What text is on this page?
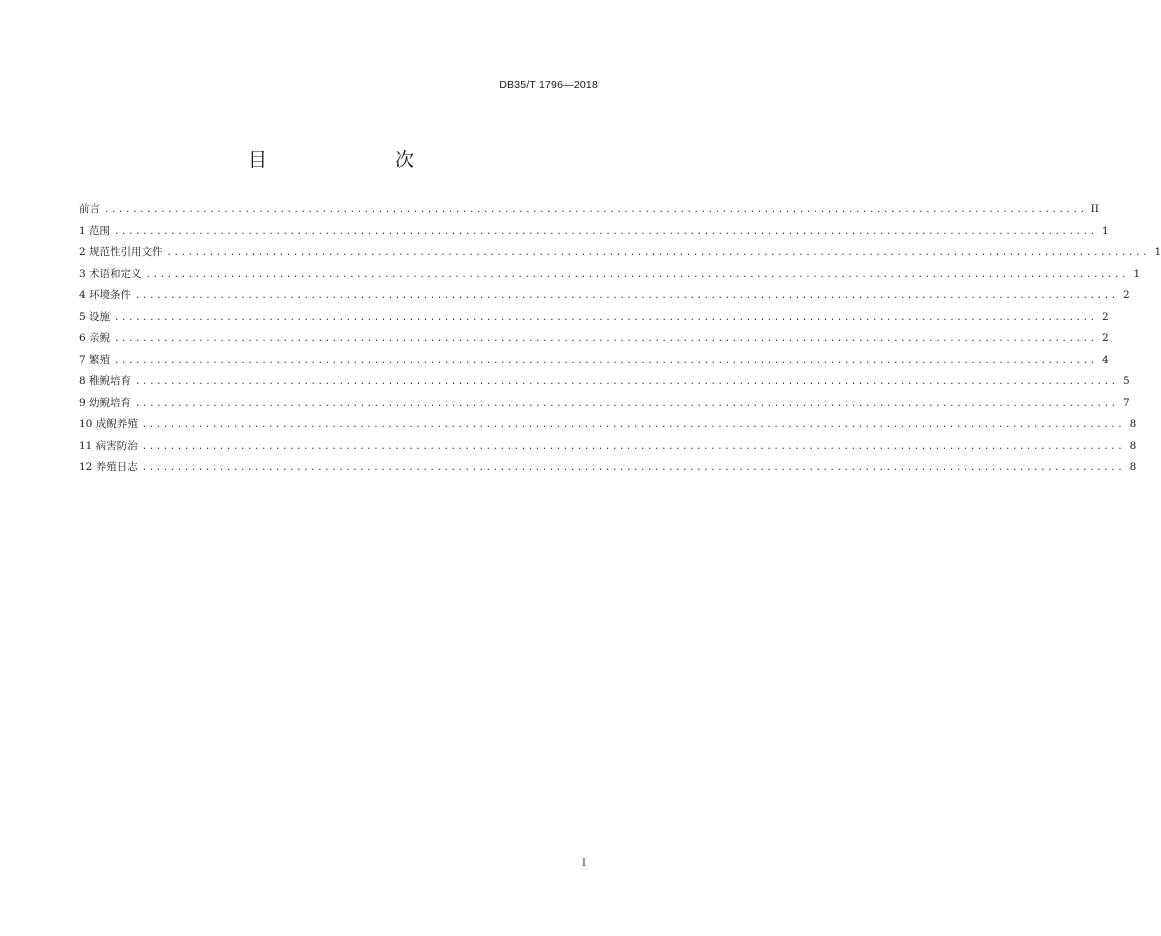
DB35/T 1796—2018
目　　次
前言 ............................................................................................................................................ II
1 范围 ............................................................................................................................................ 1
2 规范性引用文件 ............................................................................................................................................ 1
3 术语和定义 ............................................................................................................................................ 1
4 环境条件 ............................................................................................................................................ 2
5 设施 ............................................................................................................................................ 2
6 亲鲵 ............................................................................................................................................ 2
7 繁殖 ............................................................................................................................................ 4
8 稚鲵培育 ............................................................................................................................................ 5
9 幼鲵培育 ............................................................................................................................................ 7
10 成鲵养殖 ............................................................................................................................................ 8
11 病害防治 ............................................................................................................................................ 8
12 养殖日志 ............................................................................................................................................ 8
I
